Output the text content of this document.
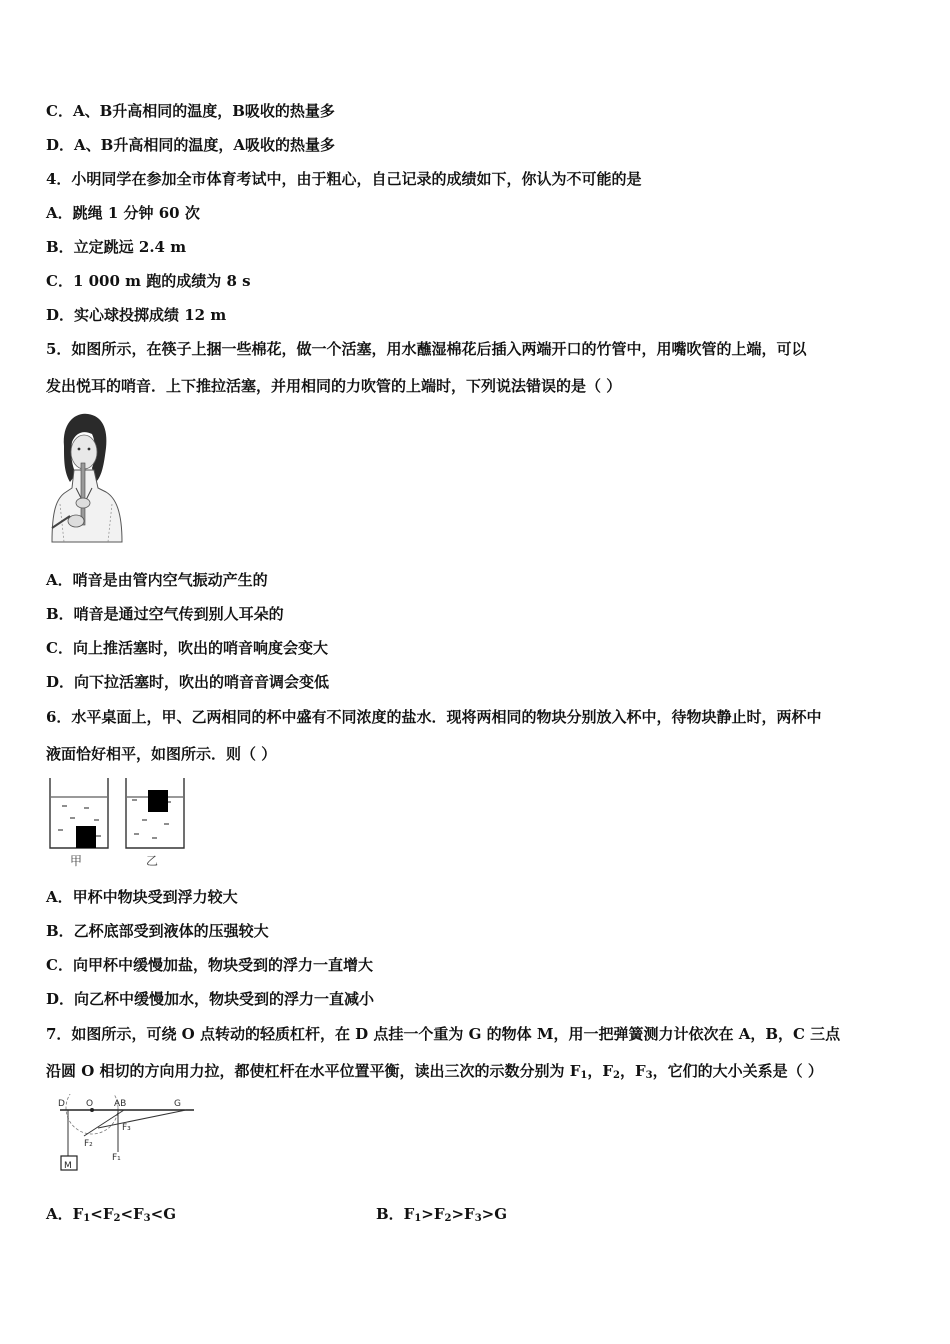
C．A、B升高相同的温度，B吸收的热量多
D．A、B升高相同的温度，A吸收的热量多
4．小明同学在参加全市体育考试中，由于粗心，自己记录的成绩如下，你认为不可能的是
A．跳绳 1 分钟 60 次
B．立定跳远 2.4 m
C．1 000 m 跑的成绩为 8 s
D．实心球投掷成绩 12 m
5．如图所示，在筷子上捆一些棉花，做一个活塞，用水蘸湿棉花后插入两端开口的竹管中，用嘴吹管的上端，可以
发出悦耳的哨音．上下推拉活塞，并用相同的力吹管的上端时，下列说法错误的是（ ）
A．哨音是由管内空气振动产生的
B．哨音是通过空气传到别人耳朵的
C．向上推活塞时，吹出的哨音响度会变大
D．向下拉活塞时，吹出的哨音音调会变低
6．水平桌面上，甲、乙两相同的杯中盛有不同浓度的盐水．现将两相同的物块分别放入杯中，待物块静止时，两杯中
液面恰好相平，如图所示．则（ ）
甲	乙
A．甲杯中物块受到浮力较大
B．乙杯底部受到液体的压强较大
C．向甲杯中缓慢加盐，物块受到的浮力一直增大
D．向乙杯中缓慢加水，物块受到的浮力一直减小
7．如图所示，可绕 O 点转动的轻质杠杆，在 D 点挂一个重为 G 的物体 M，用一把弹簧测力计依次在 A，B，C 三点
沿圆 O 相切的方向用力拉，都使杠杆在水平位置平衡，读出三次的示数分别为 $F_1$，$F_2$，$F_3$，它们的大小关系是（ ）
M
D O AB	G
F₂
F₃
F₁
A．$F_1<F_2<F_3<G$	B．$F_1>F_2>F_3>G$
